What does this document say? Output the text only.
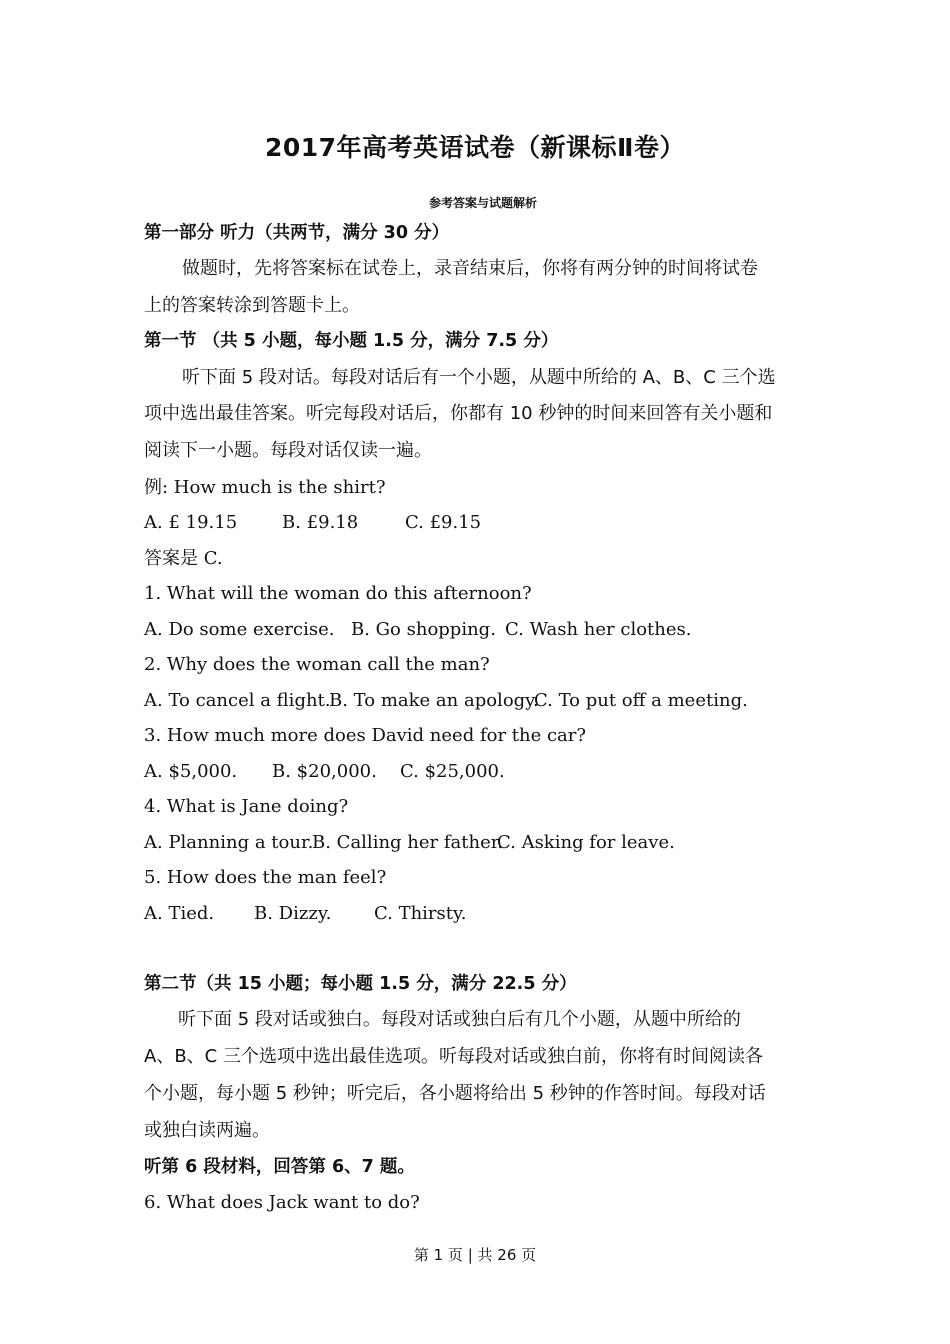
2017年高考英语试卷（新课标Ⅱ卷）
参考答案与试题解析
第一部分 听力（共两节，满分 30 分）
做题时，先将答案标在试卷上，录音结束后，你将有两分钟的时间将试卷
上的答案转涂到答题卡上。
第一节 （共 5 小题，每小题 1.5 分，满分 7.5 分）
听下面 5 段对话。每段对话后有一个小题，从题中所给的 A、B、C 三个选
项中选出最佳答案。听完每段对话后，你都有 10 秒钟的时间来回答有关小题和
阅读下一小题。每段对话仅读一遍。
例: How much is the shirt?
A. £ 19.15 B. £9.18	C. £9.15
答案是 C.
1. What will the woman do this afternoon?
A. Do some exercise. B. Go shopping. C. Wash her clothes.
2. Why does the woman call the man?
A. To cancel a flight.
B. To make an apology.
C. To put off a meeting.
3. How much more does David need for the car?
A. $5,000. B. $20,000. C. $25,000.
4. What is Jane doing?
A. Planning a tour.
B. Calling her father.
C. Asking for leave.
5. How does the man feel?
A. Tied. B. Dizzy. C. Thirsty.
第二节（共 15 小题；每小题 1.5 分，满分 22.5 分）
听下面 5 段对话或独白。每段对话或独白后有几个小题，从题中所给的
A、B、C 三个选项中选出最佳选项。听每段对话或独白前，你将有时间阅读各
个小题，每小题 5 秒钟；听完后，各小题将给出 5 秒钟的作答时间。每段对话
或独白读两遍。
听第 6 段材料，回答第 6、7 题。
6. What does Jack want to do?
第 1 页 | 共 26 页
